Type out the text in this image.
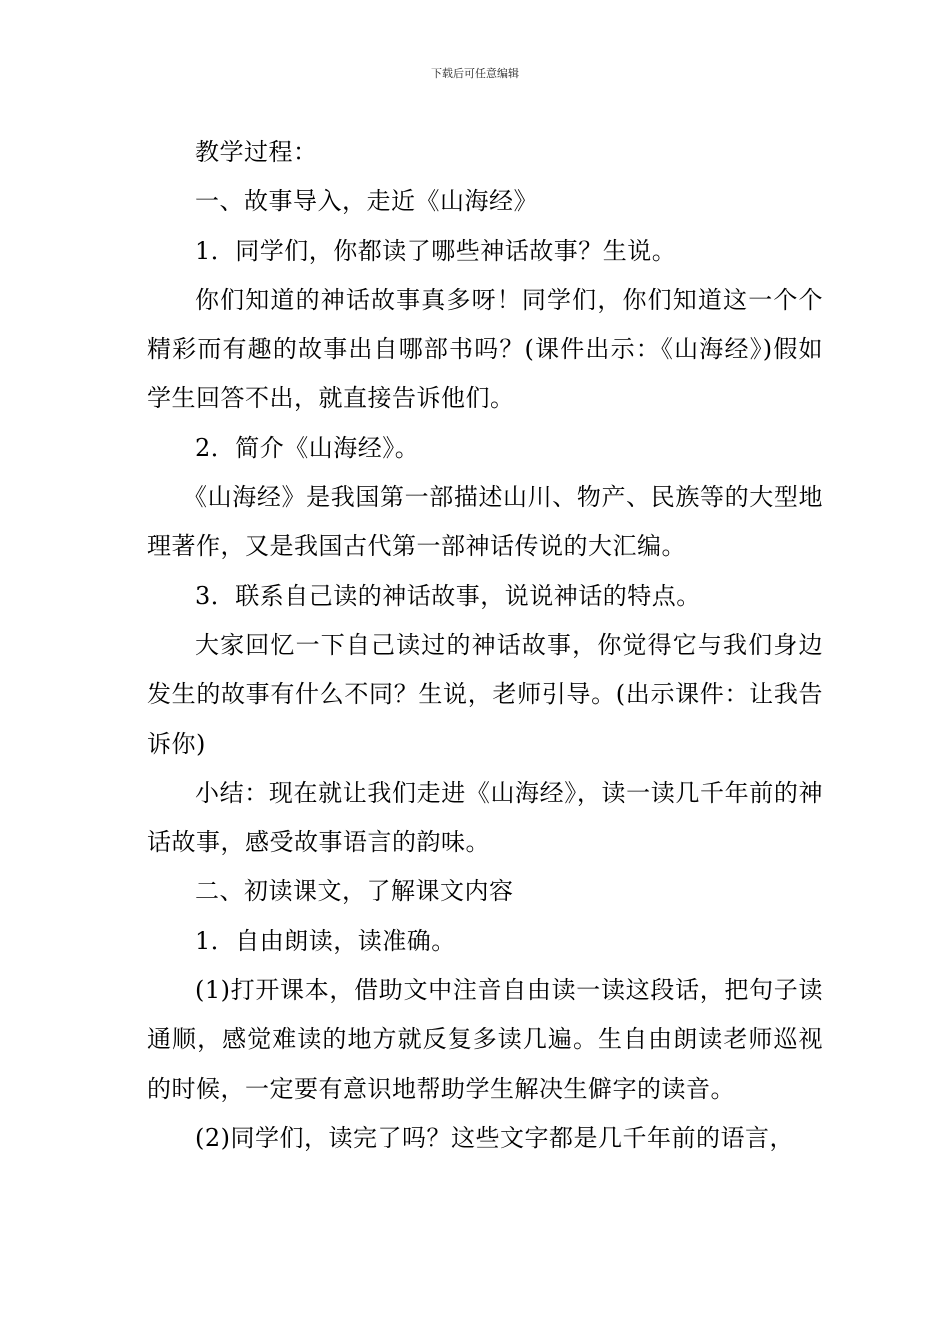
下载后可任意编辑

教学过程：

一、故事导入，走近《山海经》

1．同学们，你都读了哪些神话故事？生说。

你们知道的神话故事真多呀！同学们，你们知道这一个个精彩而有趣的故事出自哪部书吗？(课件出示：《山海经》)假如学生回答不出，就直接告诉他们。

2．简介《山海经》。

《山海经》是我国第一部描述山川、物产、民族等的大型地理著作，又是我国古代第一部神话传说的大汇编。

3．联系自己读的神话故事，说说神话的特点。

大家回忆一下自己读过的神话故事，你觉得它与我们身边发生的故事有什么不同？生说，老师引导。(出示课件：让我告诉你)

小结：现在就让我们走进《山海经》，读一读几千年前的神话故事，感受故事语言的韵味。

二、初读课文，了解课文内容

1．自由朗读，读准确。

(1)打开课本，借助文中注音自由读一读这段话，把句子读通顺，感觉难读的地方就反复多读几遍。生自由朗读老师巡视的时候，一定要有意识地帮助学生解决生僻字的读音。

(2)同学们，读完了吗？这些文字都是几千年前的语言，
